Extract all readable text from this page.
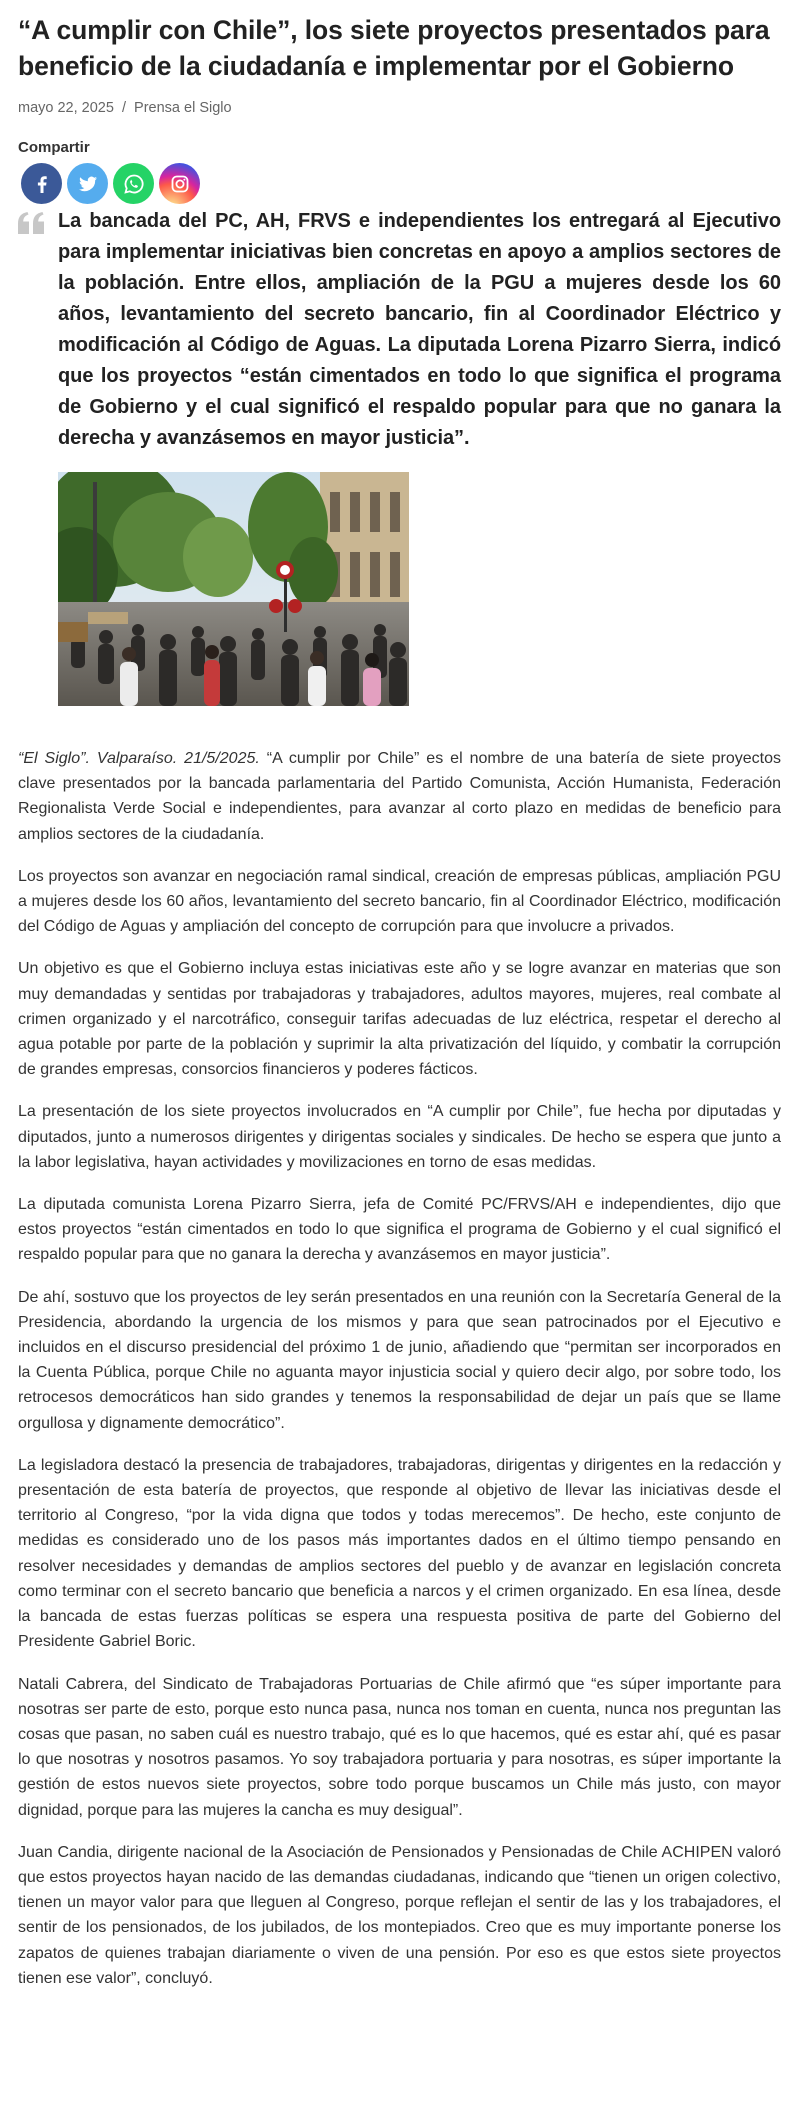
“A cumplir con Chile”, los siete proyectos presentados para beneficio de la ciudadanía e implementar por el Gobierno
mayo 22, 2025 / Prensa el Siglo
Compartir

La bancada del PC, AH, FRVS e independientes los entregará al Ejecutivo para implementar iniciativas bien concretas en apoyo a amplios sectores de la población. Entre ellos, ampliación de la PGU a mujeres desde los 60 años, levantamiento del secreto bancario, fin al Coordinador Eléctrico y modificación al Código de Aguas. La diputada Lorena Pizarro Sierra, indicó que los proyectos “están cimentados en todo lo que significa el programa de Gobierno y el cual significó el respaldo popular para que no ganara la derecha y avanzásemos en mayor justicia”.

“El Siglo”. Valparaíso. 21/5/2025. “A cumplir por Chile” es el nombre de una batería de siete proyectos clave presentados por la bancada parlamentaria del Partido Comunista, Acción Humanista, Federación Regionalista Verde Social e independientes, para avanzar al corto plazo en medidas de beneficio para amplios sectores de la ciudadanía.

Los proyectos son avanzar en negociación ramal sindical, creación de empresas públicas, ampliación PGU a mujeres desde los 60 años, levantamiento del secreto bancario, fin al Coordinador Eléctrico, modificación del Código de Aguas y ampliación del concepto de corrupción para que involucre a privados.

Un objetivo es que el Gobierno incluya estas iniciativas este año y se logre avanzar en materias que son muy demandadas y sentidas por trabajadoras y trabajadores, adultos mayores, mujeres, real combate al crimen organizado y el narcotráfico, conseguir tarifas adecuadas de luz eléctrica, respetar el derecho al agua potable por parte de la población y suprimir la alta privatización del líquido, y combatir la corrupción de grandes empresas, consorcios financieros y poderes fácticos.

La presentación de los siete proyectos involucrados en “A cumplir por Chile”, fue hecha por diputadas y diputados, junto a numerosos dirigentes y dirigentas sociales y sindicales. De hecho se espera que junto a la labor legislativa, hayan actividades y movilizaciones en torno de esas medidas.

La diputada comunista Lorena Pizarro Sierra, jefa de Comité PC/FRVS/AH e independientes, dijo que estos proyectos “están cimentados en todo lo que significa el programa de Gobierno y el cual significó el respaldo popular para que no ganara la derecha y avanzásemos en mayor justicia”.

De ahí, sostuvo que los proyectos de ley serán presentados en una reunión con la Secretaría General de la Presidencia, abordando la urgencia de los mismos y para que sean patrocinados por el Ejecutivo e incluidos en el discurso presidencial del próximo 1 de junio, añadiendo que “permitan ser incorporados en la Cuenta Pública, porque Chile no aguanta mayor injusticia social y quiero decir algo, por sobre todo, los retrocesos democráticos han sido grandes y tenemos la responsabilidad de dejar un país que se llame orgullosa y dignamente democrático”.

La legisladora destacó la presencia de trabajadores, trabajadoras, dirigentas y dirigentes en la redacción y presentación de esta batería de proyectos, que responde al objetivo de llevar las iniciativas desde el territorio al Congreso, “por la vida digna que todos y todas merecemos”. De hecho, este conjunto de medidas es considerado uno de los pasos más importantes dados en el último tiempo pensando en resolver necesidades y demandas de amplios sectores del pueblo y de avanzar en legislación concreta como terminar con el secreto bancario que beneficia a narcos y el crimen organizado. En esa línea, desde la bancada de estas fuerzas políticas se espera una respuesta positiva de parte del Gobierno del Presidente Gabriel Boric.

Natali Cabrera, del Sindicato de Trabajadoras Portuarias de Chile afirmó que “es súper importante para nosotras ser parte de esto, porque esto nunca pasa, nunca nos toman en cuenta, nunca nos preguntan las cosas que pasan, no saben cuál es nuestro trabajo, qué es lo que hacemos, qué es estar ahí, qué es pasar lo que nosotras y nosotros pasamos. Yo soy trabajadora portuaria y para nosotras, es súper importante la gestión de estos nuevos siete proyectos, sobre todo porque buscamos un Chile más justo, con mayor dignidad, porque para las mujeres la cancha es muy desigual”.

Juan Candia, dirigente nacional de la Asociación de Pensionados y Pensionadas de Chile ACHIPEN valoró que estos proyectos hayan nacido de las demandas ciudadanas, indicando que “tienen un origen colectivo, tienen un mayor valor para que lleguen al Congreso, porque reflejan el sentir de las y los trabajadores, el sentir de los pensionados, de los jubilados, de los montepiados. Creo que es muy importante ponerse los zapatos de quienes trabajan diariamente o viven de una pensión. Por eso es que estos siete proyectos tienen ese valor”, concluyó.
